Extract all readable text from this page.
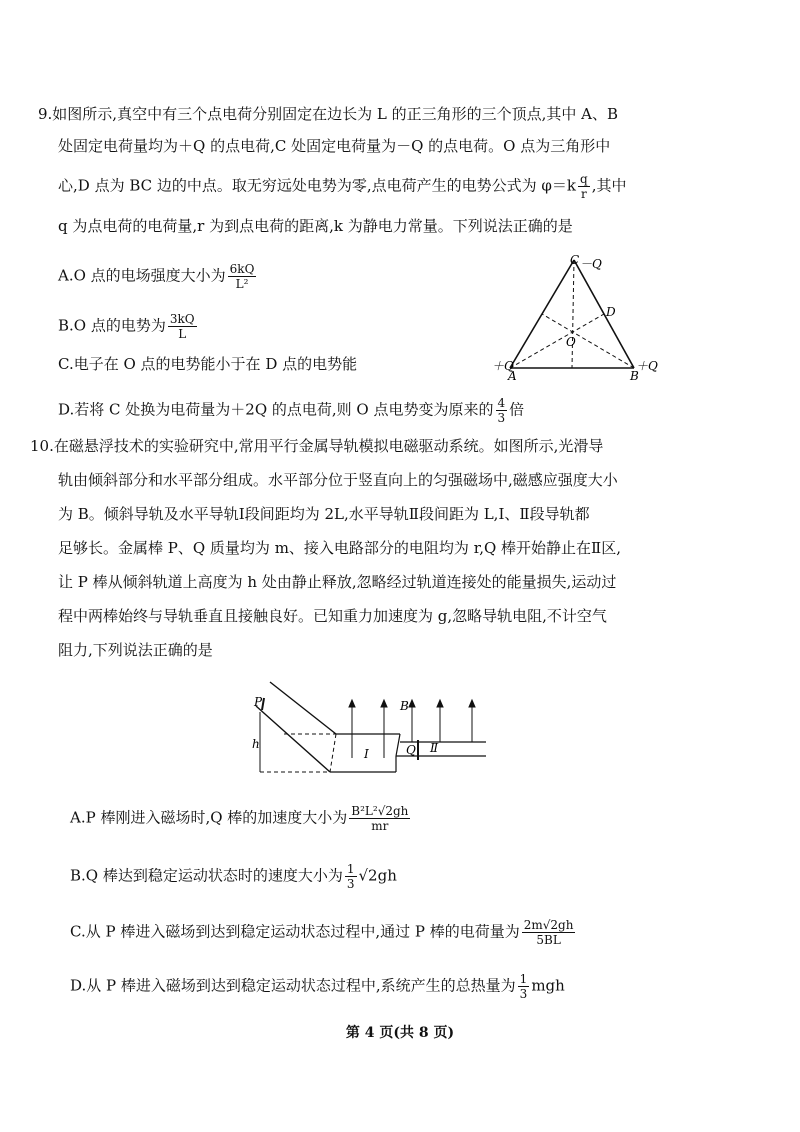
9.如图所示,真空中有三个点电荷分别固定在边长为 L 的正三角形的三个顶点,其中 A、B
处固定电荷量均为＋Q 的点电荷,C 处固定电荷量为－Q 的点电荷。O 点为三角形中
心,D 点为 BC 边的中点。取无穷远处电势为零,点电荷产生的电势公式为 $\varphi=k \frac{q}{r}$ ,其中
q 为点电荷的电荷量,r 为到点电荷的距离,k 为静电力常量。下列说法正确的是
A.O 点的电场强度大小为 $\frac{6kQ}{\text{L²}}$
B.O 点的电势为 $\frac{3kQ}{L}$
C.电子在 O 点的电势能小于在 D 点的电势能
D.若将 C 处换为电荷量为＋2Q 的点电荷,则 O 点电势变为原来的 $\frac{4}{3}$ 倍
C －Q
D
O
＋Q
A	B
＋Q
10.在磁悬浮技术的实验研究中,常用平行金属导轨模拟电磁驱动系统。如图所示,光滑导
轨由倾斜部分和水平部分组成。水平部分位于竖直向上的匀强磁场中,磁感应强度大小
为 B。倾斜导轨及水平导轨Ⅰ段间距均为 2L,水平导轨Ⅱ段间距为 L,Ⅰ、Ⅱ段导轨都
足够长。金属棒 P、Q 质量均为 m、接入电路部分的电阻均为 r,Q 棒开始静止在Ⅱ区,
让 P 棒从倾斜轨道上高度为 h 处由静止释放,忽略经过轨道连接处的能量损失,运动过
程中两棒始终与导轨垂直且接触良好。已知重力加速度为 g,忽略导轨电阻,不计空气
阻力,下列说法正确的是
h
P
Ⅰ	Q Ⅱ
B
A.P 棒刚进入磁场时,Q 棒的加速度大小为 $\frac{\text{B²L²√2gh}}{mr}$
B.Q 棒达到稳定运动状态时的速度大小为 $\frac{1}{3} √2gh$
C.从 P 棒进入磁场到达到稳定运动状态过程中,通过 P 棒的电荷量为 $\frac{2m√2gh}{5BL}$
D.从 P 棒进入磁场到达到稳定运动状态过程中,系统产生的总热量为 $\frac{1}{3}$ mgh
第 4 页(共 8 页)
